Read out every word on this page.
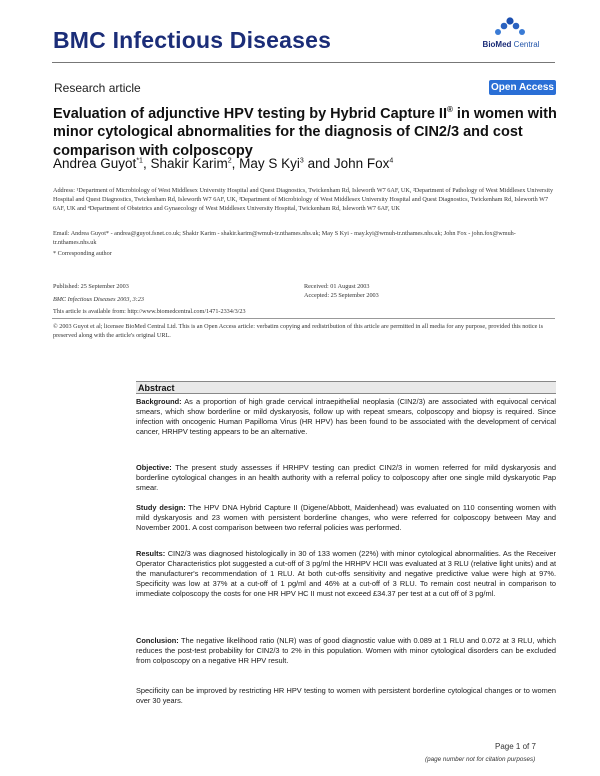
BMC Infectious Diseases	BioMed Central
Research article	Open Access
Evaluation of adjunctive HPV testing by Hybrid Capture II® in women with minor cytological abnormalities for the diagnosis of CIN2/3 and cost comparison with colposcopy
Andrea Guyot$^{*1}$, Shakir Karim$^2$, May S Kyi$^3$ and John Fox$^4$
Address: ¹Department of Microbiology of West Middlesex University Hospital and Quest Diagnostics, Twickenham Rd, Isleworth W7 6AF, UK, ²Department of Pathology of West Middlesex University Hospital and Quest Diagnostics, Twickenham Rd, Isleworth W7 6AF, UK, ³Department of Microbiology of West Middlesex University Hospital and Quest Diagnostics, Twickenham Rd, Isleworth W7 6AF, UK and ⁴Department of Obstetrics and Gynaecology of West Middlesex University Hospital, Twickenham Rd, Isleworth W7 6AF, UK
Email: Andrea Guyot* - andrea@guyot.fsnet.co.uk; Shakir Karim - shakir.karim@wmuh-tr.nthames.nhs.uk; May S Kyi - may.kyi@wmuh-tr.nthames.nhs.uk; John Fox - john.fox@wmuh-tr.nthames.nhs.uk
* Corresponding author
Published: 25 September 2003
BMC Infectious Diseases 2003, 3:23
Received: 01 August 2003
Accepted: 25 September 2003
This article is available from: http://www.biomedcentral.com/1471-2334/3/23
© 2003 Guyot et al; licensee BioMed Central Ltd. This is an Open Access article: verbatim copying and redistribution of this article are permitted in all media for any purpose, provided this notice is preserved along with the article's original URL.
Abstract
Background: As a proportion of high grade cervical intraepithelial neoplasia (CIN2/3) are associated with equivocal cervical smears, which show borderline or mild dyskaryosis, follow up with repeat smears, colposcopy and biopsy is required. Since infection with oncogenic Human Papilloma Virus (HR HPV) has been found to be associated with the development of cervical cancer, HRHPV testing appears to be an alternative.
Objective: The present study assesses if HRHPV testing can predict CIN2/3 in women referred for mild dyskaryosis and borderline cytological changes in an health authority with a referral policy to colposcopy after one single mild dyskaryotic Pap smear.
Study design: The HPV DNA Hybrid Capture II (Digene/Abbott, Maidenhead) was evaluated on 110 consenting women with mild dyskaryosis and 23 women with persistent borderline changes, who were referred for colposcopy between May and November 2001. A cost comparison between two referral policies was performed.
Results: CIN2/3 was diagnosed histologically in 30 of 133 women (22%) with minor cytological abnormalities. As the Receiver Operator Characteristics plot suggested a cut-off of 3 pg/ml the HRHPV HCII was evaluated at 3 RLU (relative light units) and at the manufacturer's recommendation of 1 RLU. At both cut-offs sensitivity and negative predictive value were high at 97%. Specificity was low at 37% at a cut-off of 1 pg/ml and 46% at a cut-off of 3 RLU. To remain cost neutral in comparison to immediate colposcopy the costs for one HR HPV HC II must not exceed £34.37 per test at a cut off of 3 pg/ml.
Conclusion: The negative likelihood ratio (NLR) was of good diagnostic value with 0.089 at 1 RLU and 0.072 at 3 RLU, which reduces the post-test probability for CIN2/3 to 2% in this population. Women with minor cytological disorders can be excluded from colposcopy on a negative HR HPV result.
Specificity can be improved by restricting HR HPV testing to women with persistent borderline cytological changes or to women over 30 years.
Page 1 of 7
(page number not for citation purposes)
